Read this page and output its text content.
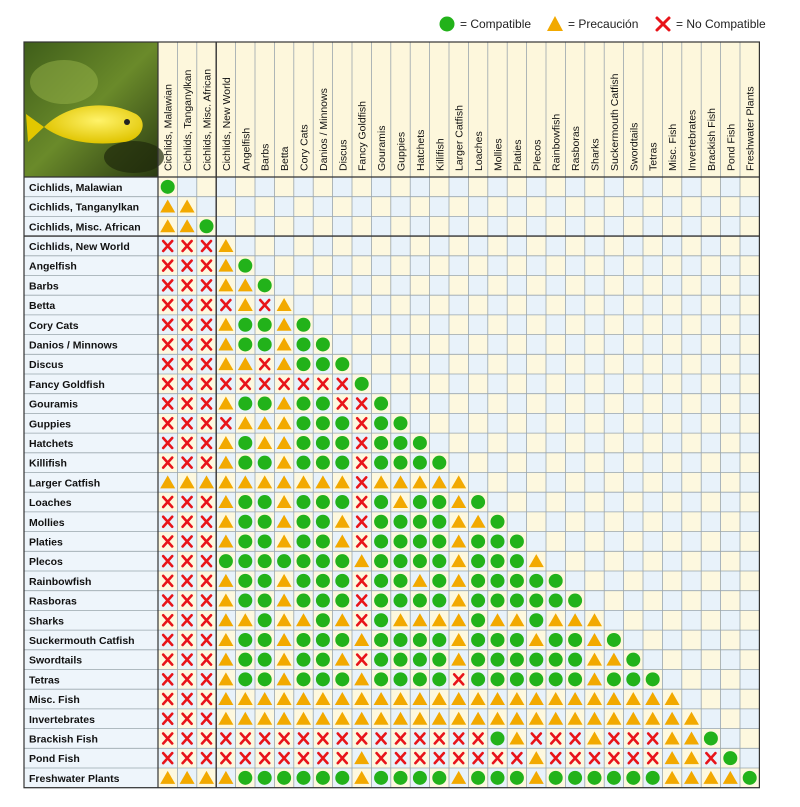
= Compatible	= Precaución	= No Compatible
Cichlids, Malawian Cichlids, Tanganylkan Cichlids, Misc. African Cichlids, New World Angelfish Barbs Betta Cory Cats Danios / Minnows Discus Fancy Goldfish Gouramis Guppies Hatchets Killifish Larger Catfish Loaches Mollies Platies Plecos Rainbowfish Rasboras Sharks Suckermouth Catfish Swordtails Tetras Misc. Fish Invertebrates Brackish Fish Pond Fish Freshwater Plants
Cichlids, Malawian
Cichlids, Tanganylkan
Cichlids, Misc. African
Cichlids, New World
Angelfish
Barbs
Betta
Cory Cats
Danios / Minnows
Discus
Fancy Goldfish
Gouramis
Guppies
Hatchets
Killifish
Larger Catfish
Loaches
Mollies
Platies
Plecos
Rainbowfish
Rasboras
Sharks
Suckermouth Catfish
Swordtails
Tetras
Misc. Fish
Invertebrates
Brackish Fish
Pond Fish
Freshwater Plants
